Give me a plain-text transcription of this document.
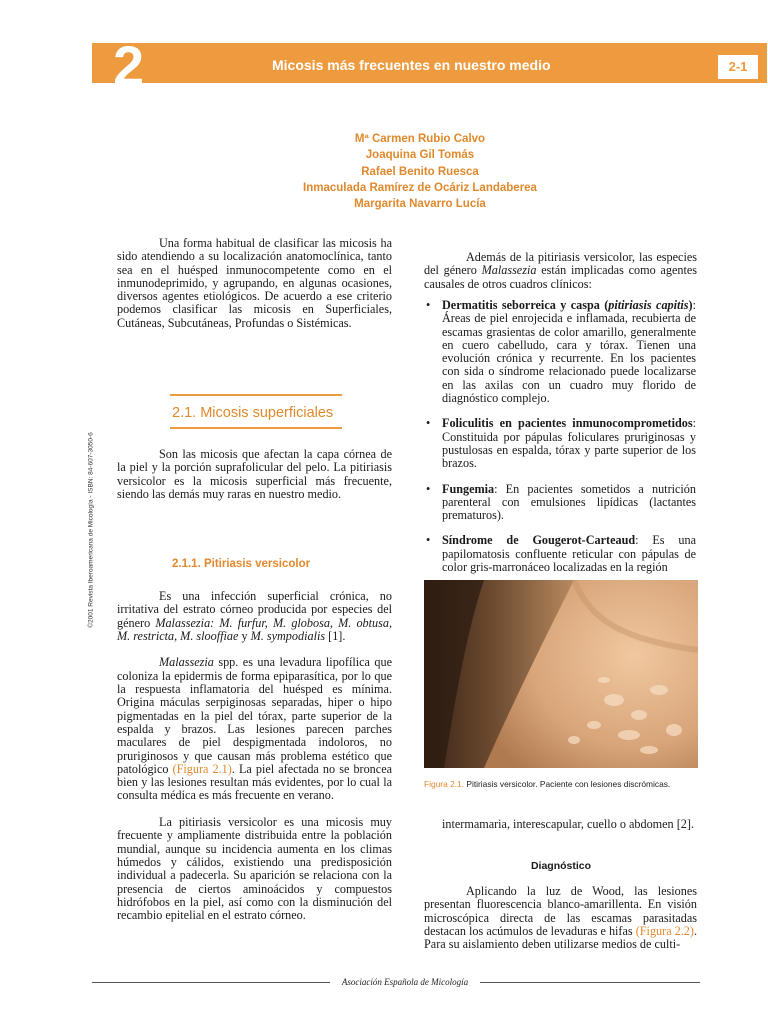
2	Micosis más frecuentes en nuestro medio	2-1
Mª Carmen Rubio Calvo
Joaquina Gil Tomás
Rafael Benito Ruesca
Inmaculada Ramírez de Ocáriz Landaberea
Margarita Navarro Lucía
©2001 Revista Iberoamericana de Micología - ISBN: 84-607-3050-6

Una forma habitual de clasificar las micosis ha sido atendiendo a su localización anatomoclínica, tanto sea en el huésped inmunocompetente como en el inmunodeprimido, y agrupando, en algunas ocasiones, diversos agentes etiológicos. De acuerdo a ese criterio podemos clasificar las micosis en Superficiales, Cutáneas, Subcutáneas, Profundas o Sistémicas.

2.1. Micosis superficiales

Son las micosis que afectan la capa córnea de la piel y la porción suprafolicular del pelo. La pitiriasis versicolor es la micosis superficial más frecuente, siendo las demás muy raras en nuestro medio.

2.1.1. Pitiriasis versicolor

Es una infección superficial crónica, no irritativa del estrato córneo producida por especies del género Malassezia: M. furfur, M. globosa, M. obtusa, M. restricta, M. slooffiae y M. sympodialis [1].

Malassezia spp. es una levadura lipofílica que coloniza la epidermis de forma epiparasítica, por lo que la respuesta inflamatoria del huésped es mínima. Origina máculas serpiginosas separadas, hiper o hipo pigmentadas en la piel del tórax, parte superior de la espalda y brazos. Las lesiones parecen parches maculares de piel despigmentada indoloros, no pruriginosos y que causan más problema estético que patológico (Figura 2.1). La piel afectada no se broncea bien y las lesiones resultan más evidentes, por lo cual la consulta médica es más frecuente en verano.

La pitiriasis versicolor es una micosis muy frecuente y ampliamente distribuida entre la población mundial, aunque su incidencia aumenta en los climas húmedos y cálidos, existiendo una predisposición individual a padecerla. Su aparición se relaciona con la presencia de ciertos aminoácidos y compuestos hidrófobos en la piel, así como con la disminución del recambio epitelial en el estrato córneo.

Además de la pitiriasis versicolor, las especies del género Malassezia están implicadas como agentes causales de otros cuadros clínicos:

• Dermatitis seborreica y caspa (pitiriasis capitis): Áreas de piel enrojecida e inflamada, recubierta de escamas grasientas de color amarillo, generalmente en cuero cabelludo, cara y tórax. Tienen una evolución crónica y recurrente. En los pacientes con sida o síndrome relacionado puede localizarse en las axilas con un cuadro muy florido de diagnóstico complejo.

• Foliculitis en pacientes inmunocomprometidos: Constituida por pápulas foliculares pruriginosas y pustulosas en espalda, tórax y parte superior de los brazos.

• Fungemia: En pacientes sometidos a nutrición parenteral con emulsiones lipídicas (lactantes prematuros).

• Síndrome de Gougerot-Carteaud: Es una papilomatosis confluente reticular con pápulas de color gris-marronáceo localizadas en la región

Figura 2.1. Pitiriasis versicolor. Paciente con lesiones discrómicas.

intermamaria, interescapular, cuello o abdomen [2].

Diagnóstico

Aplicando la luz de Wood, las lesiones presentan fluorescencia blanco-amarillenta. En visión microscópica directa de las escamas parasitadas destacan los acúmulos de levaduras e hifas (Figura 2.2). Para su aislamiento deben utilizarse medios de culti-

Asociación Española de Micología
